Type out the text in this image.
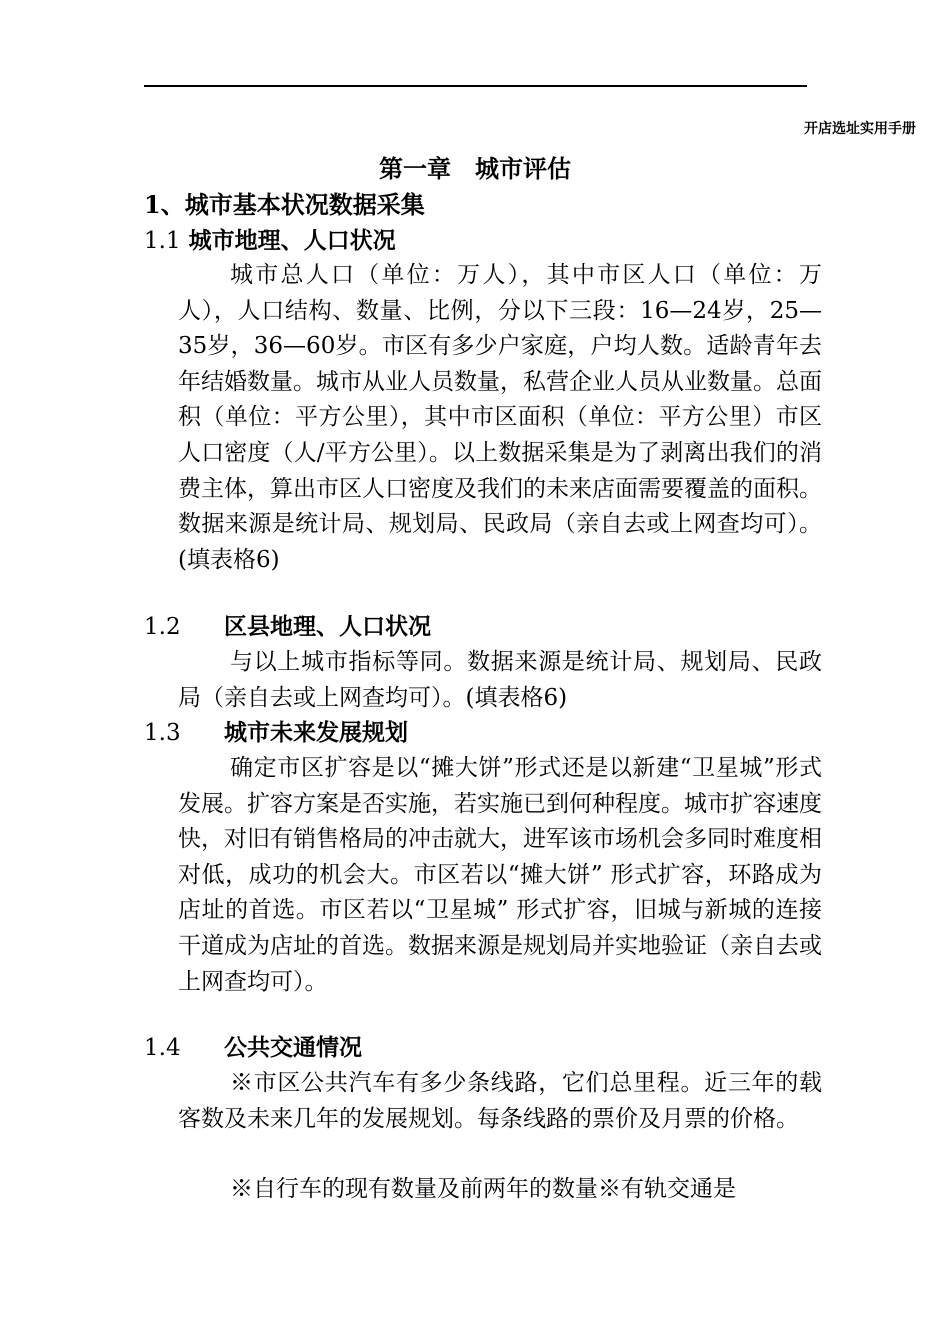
开店选址实用手册
第一章　城市评估
1、城市基本状况数据采集
1.1 城市地理、人口状况
城市总人口（单位：万人），其中市区人口（单位：万人），人口结构、数量、比例，分以下三段：16—24岁，25—35岁，36—60岁。市区有多少户家庭，户均人数。适龄青年去年结婚数量。城市从业人员数量，私营企业人员从业数量。总面积（单位：平方公里），其中市区面积（单位：平方公里）市区人口密度（人/平方公里）。以上数据采集是为了剥离出我们的消费主体，算出市区人口密度及我们的未来店面需要覆盖的面积。数据来源是统计局、规划局、民政局（亲自去或上网查均可）。(填表格6)
1.2 区县地理、人口状况
与以上城市指标等同。数据来源是统计局、规划局、民政局（亲自去或上网查均可）。(填表格6)
1.3 城市未来发展规划
确定市区扩容是以“摊大饼”形式还是以新建“卫星城”形式发展。扩容方案是否实施，若实施已到何种程度。城市扩容速度快，对旧有销售格局的冲击就大，进军该市场机会多同时难度相对低，成功的机会大。市区若以“摊大饼” 形式扩容，环路成为店址的首选。市区若以“卫星城” 形式扩容，旧城与新城的连接干道成为店址的首选。数据来源是规划局并实地验证（亲自去或上网查均可）。
1.4 公共交通情况
※市区公共汽车有多少条线路，它们总里程。近三年的载客数及未来几年的发展规划。每条线路的票价及月票的价格。
※自行车的现有数量及前两年的数量※有轨交通是
